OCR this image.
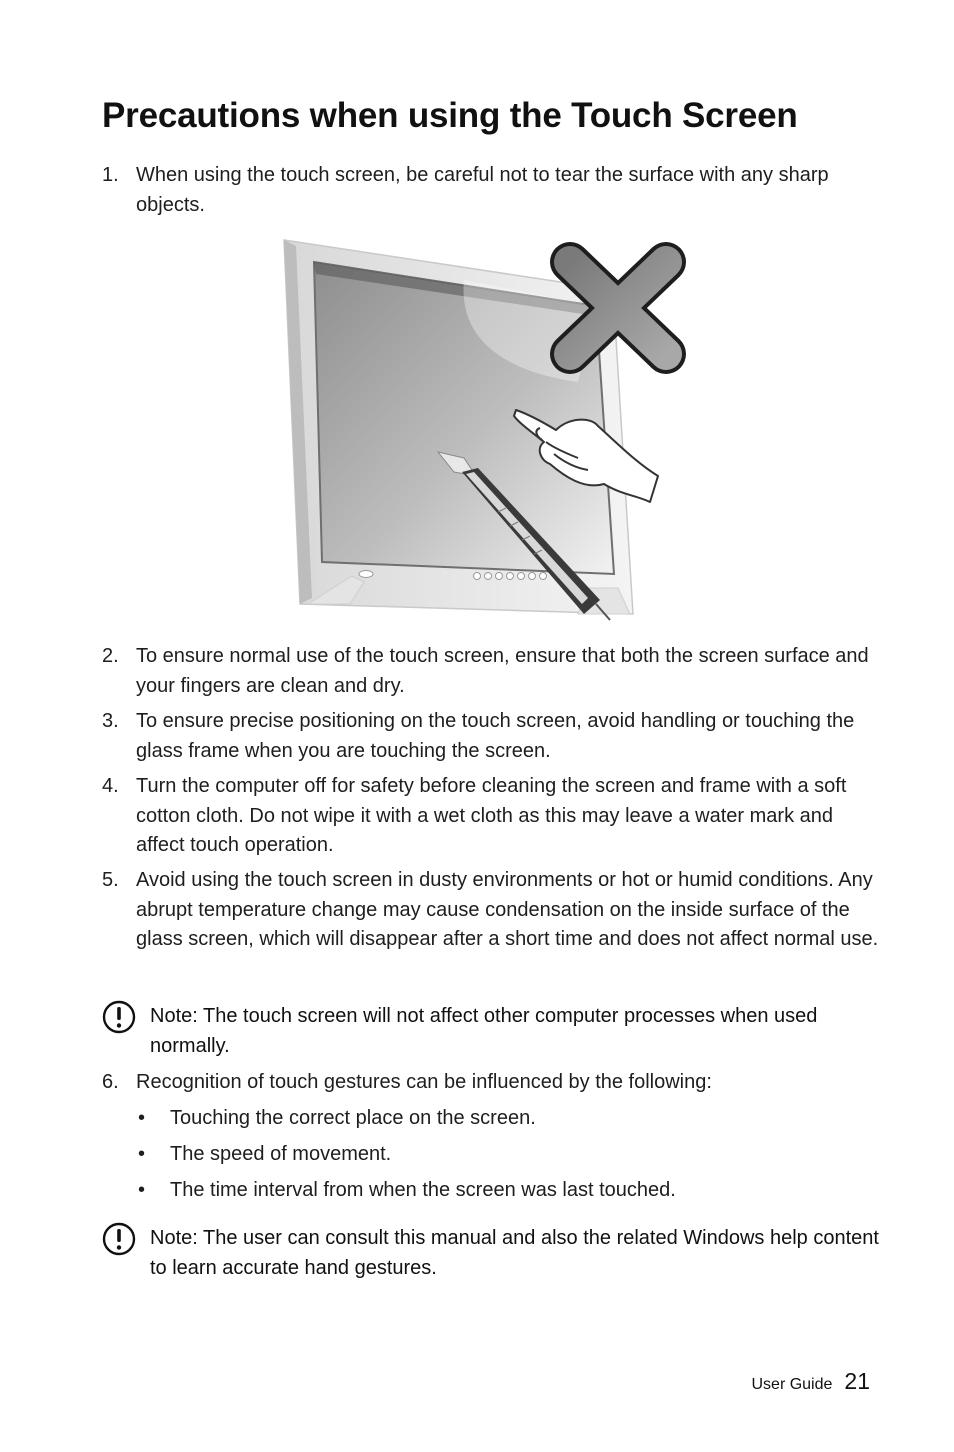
Precautions when using the Touch Screen
1. When using the touch screen, be careful not to tear the surface with any sharp objects.
2. To ensure normal use of the touch screen, ensure that both the screen surface and your fingers are clean and dry.
3. To ensure precise positioning on the touch screen, avoid handling or touching the glass frame when you are touching the screen.
4. Turn the computer off for safety before cleaning the screen and frame with a soft cotton cloth. Do not wipe it with a wet cloth as this may leave a water mark and affect touch operation.
5. Avoid using the touch screen in dusty environments or hot or humid conditions. Any abrupt temperature change may cause condensation on the inside surface of the glass screen, which will disappear after a short time and does not affect normal use.
Note: The touch screen will not affect other computer processes when used normally.
6. Recognition of touch gestures can be influenced by the following:
• Touching the correct place on the screen.
• The speed of movement.
• The time interval from when the screen was last touched.
Note: The user can consult this manual and also the related Windows help content to learn accurate hand gestures.
User Guide 21
